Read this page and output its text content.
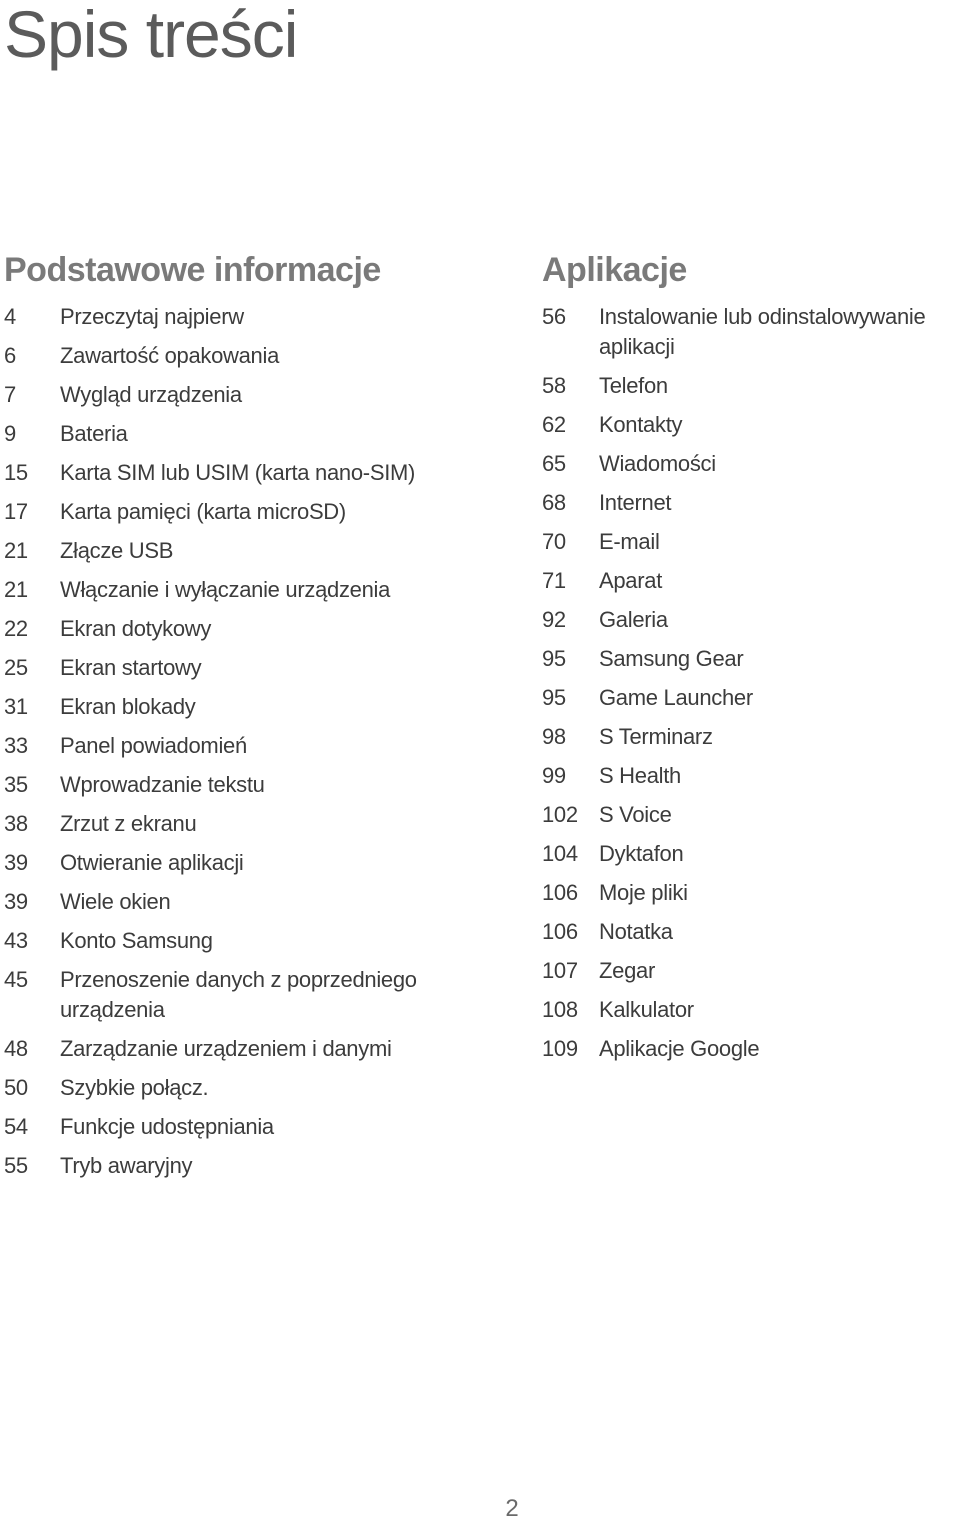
Spis treści
Podstawowe informacje
4	Przeczytaj najpierw
6	Zawartość opakowania
7	Wygląd urządzenia
9	Bateria
15	Karta SIM lub USIM (karta nano-SIM)
17	Karta pamięci (karta microSD)
21	Złącze USB
21	Włączanie i wyłączanie urządzenia
22	Ekran dotykowy
25	Ekran startowy
31	Ekran blokady
33	Panel powiadomień
35	Wprowadzanie tekstu
38	Zrzut z ekranu
39	Otwieranie aplikacji
39	Wiele okien
43	Konto Samsung
45	Przenoszenie danych z poprzedniego urządzenia
48	Zarządzanie urządzeniem i danymi
50	Szybkie połącz.
54	Funkcje udostępniania
55	Tryb awaryjny
Aplikacje
56	Instalowanie lub odinstalowywanie aplikacji
58	Telefon
62	Kontakty
65	Wiadomości
68	Internet
70	E-mail
71	Aparat
92	Galeria
95	Samsung Gear
95	Game Launcher
98	S Terminarz
99	S Health
102 S Voice
104 Dyktafon
106 Moje pliki
106 Notatka
107 Zegar
108 Kalkulator
109 Aplikacje Google
2
